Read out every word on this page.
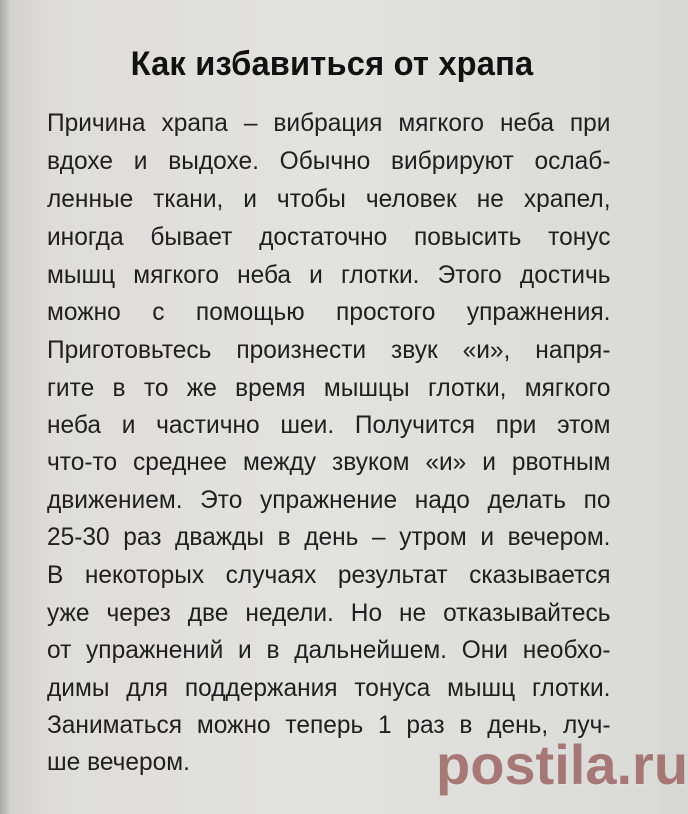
Как избавиться от храпа

Причина храпа – вибрация мягкого неба при

вдохе и выдохе. Обычно вибрируют ослаб-

ленные ткани, и чтобы человек не храпел,

иногда бывает достаточно повысить тонус

мышц мягкого неба и глотки. Этого достичь

можно с помощью простого упражнения.

Приготовьтесь произнести звук «и», напря-

гите в то же время мышцы глотки, мягкого

неба и частично шеи. Получится при этом

что-то среднее между звуком «и» и рвотным

движением. Это упражнение надо делать по

25-30 раз дважды в день – утром и вечером.

В некоторых случаях результат сказывается

уже через две недели. Но не отказывайтесь

от упражнений и в дальнейшем. Они необхо-

димы для поддержания тонуса мышц глотки.

Заниматься можно теперь 1 раз в день, луч-

ше вечером.	postila.ru
